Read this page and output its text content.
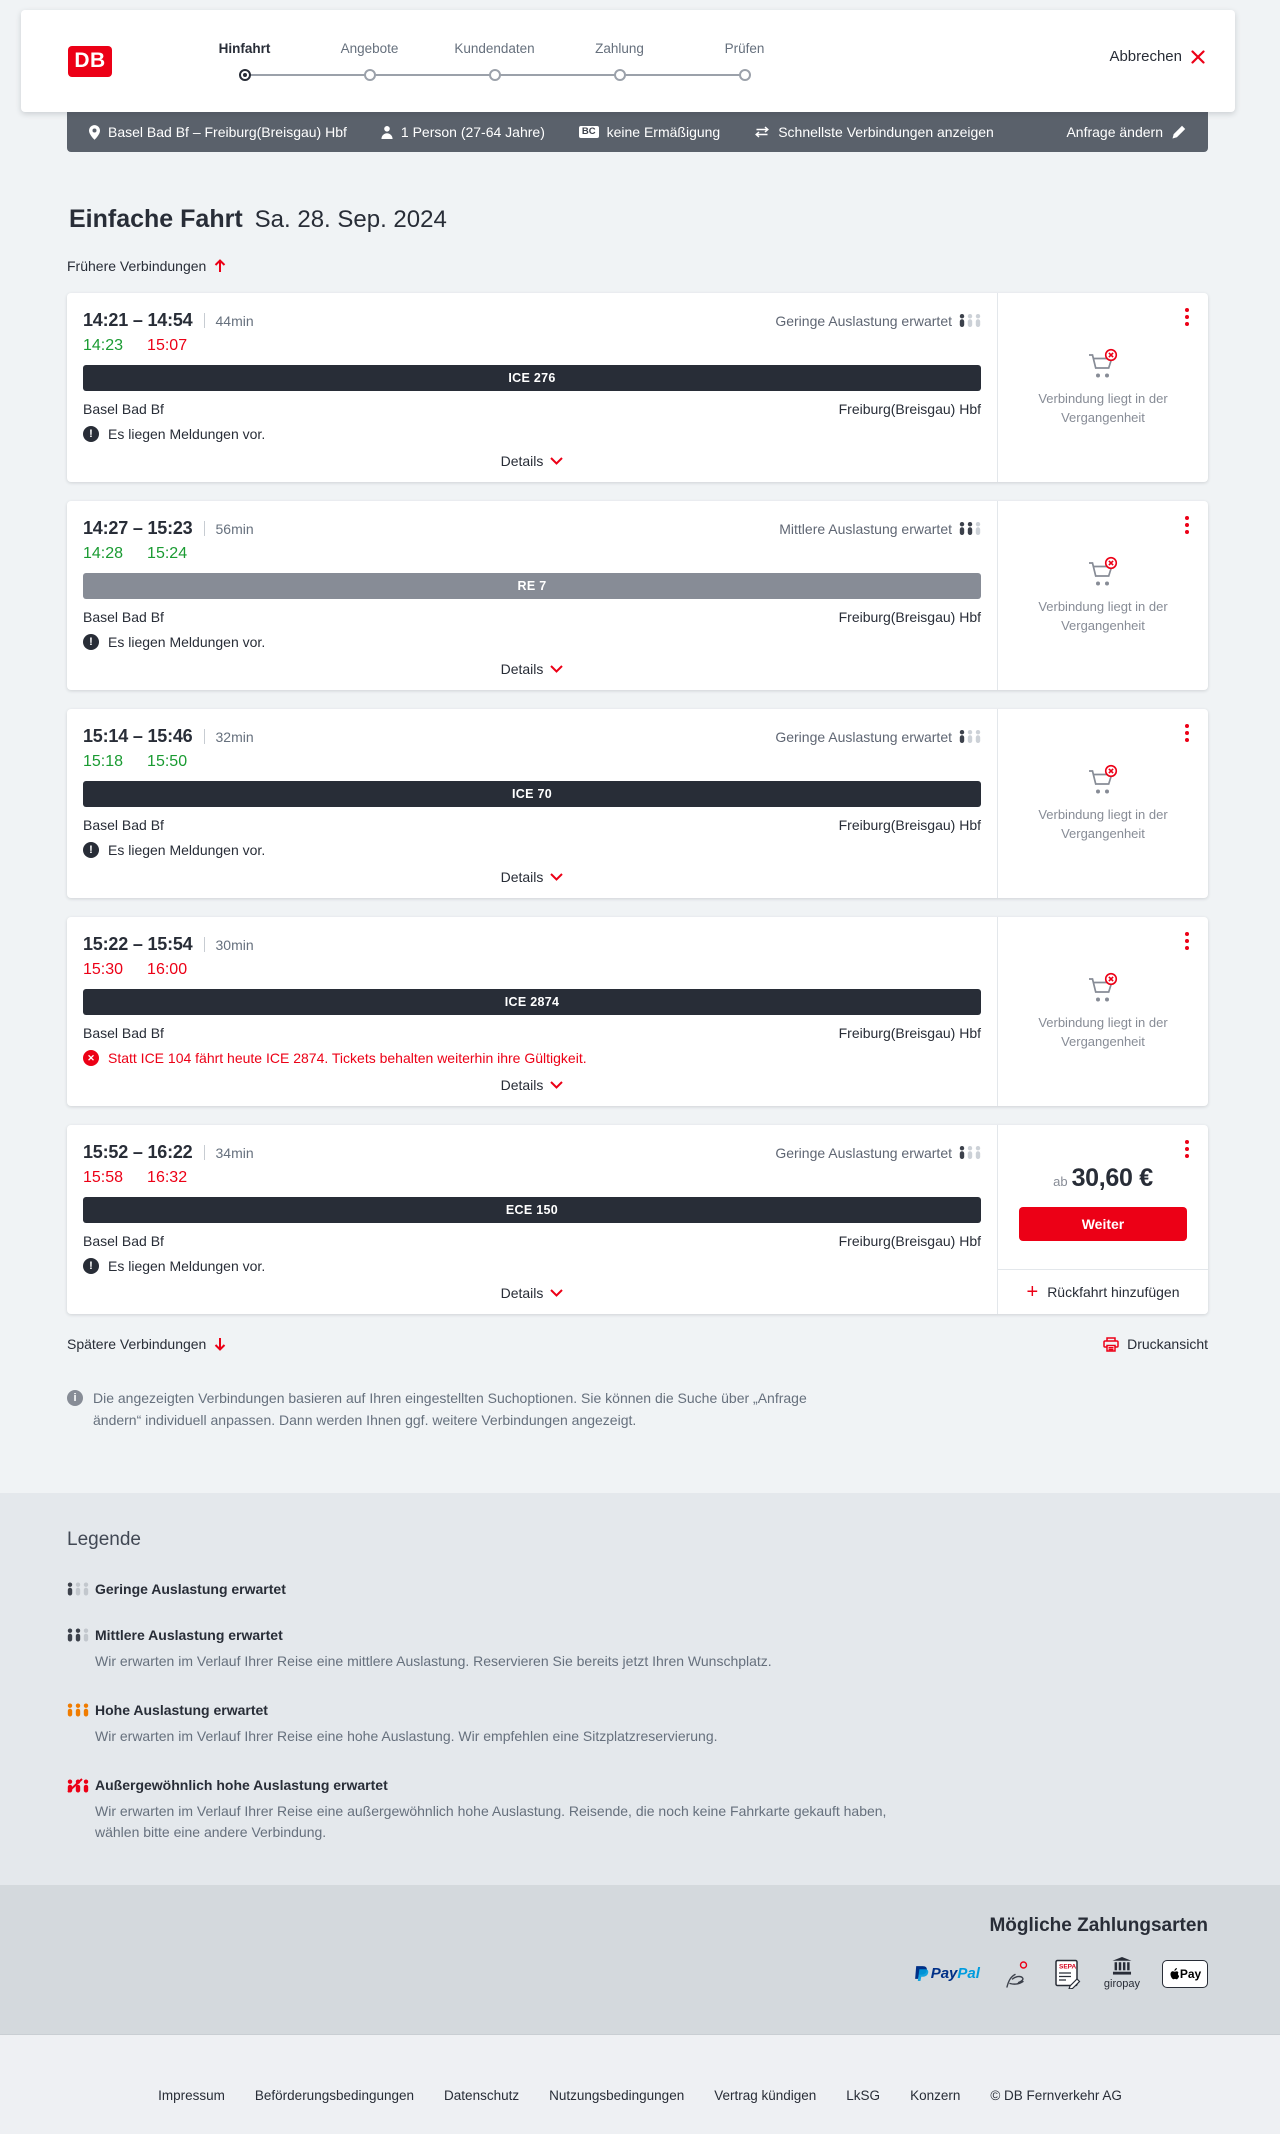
DB
Hinfahrt	Angebote	Kundendaten	Zahlung	Prüfen	Abbrechen
Basel Bad Bf – Freiburg(Breisgau) Hbf	1 Person (27-64 Jahre)	BC keine Ermäßigung	Schnellste Verbindungen anzeigen	Anfrage ändern
Einfache Fahrt Sa. 28. Sep. 2024
Frühere Verbindungen
14:21 – 14:54 44min	Geringe Auslastung erwartet
14:23 15:07
ICE 276
Basel Bad Bf	Freiburg(Breisgau) Hbf
!	Es liegen Meldungen vor.
Details

Verbindung liegt in der Vergangenheit

14:27 – 15:23 56min	Mittlere Auslastung erwartet
14:28 15:24
RE 7
Basel Bad Bf	Freiburg(Breisgau) Hbf
!	Es liegen Meldungen vor.
Details

Verbindung liegt in der Vergangenheit

15:14 – 15:46 32min	Geringe Auslastung erwartet
15:18 15:50
ICE 70
Basel Bad Bf	Freiburg(Breisgau) Hbf
!	Es liegen Meldungen vor.
Details

Verbindung liegt in der Vergangenheit

15:22 – 15:54 30min
15:30 16:00
ICE 2874
Basel Bad Bf	Freiburg(Breisgau) Hbf
✕ Statt ICE 104 fährt heute ICE 2874. Tickets behalten weiterhin ihre Gültigkeit.
Details

Verbindung liegt in der Vergangenheit

15:52 – 16:22 34min	Geringe Auslastung erwartet
15:58 16:32
ECE 150
Basel Bad Bf	Freiburg(Breisgau) Hbf
!	Es liegen Meldungen vor.
Details
ab 30,60 €
Weiter
+ Rückfahrt hinzufügen
Spätere Verbindungen	Druckansicht
i	Die angezeigten Verbindungen basieren auf Ihren eingestellten Suchoptionen. Sie können die Suche über „Anfrage ändern“ individuell anpassen. Dann werden Ihnen ggf. weitere Verbindungen angezeigt.

Legende
Geringe Auslastung erwartet
Mittlere Auslastung erwartet

Wir erwarten im Verlauf Ihrer Reise eine mittlere Auslastung. Reservieren Sie bereits jetzt Ihren Wunschplatz.

Hohe Auslastung erwartet

Wir erwarten im Verlauf Ihrer Reise eine hohe Auslastung. Wir empfehlen eine Sitzplatzreservierung.

Außergewöhnlich hohe Auslastung erwartet

Wir erwarten im Verlauf Ihrer Reise eine außergewöhnlich hohe Auslastung. Reisende, die noch keine Fahrkarte gekauft haben, wählen bitte eine andere Verbindung.

Mögliche Zahlungsarten
Pay Pal	SEPA
giropay
Pay
Impressum Beförderungsbedingungen Datenschutz Nutzungsbedingungen Vertrag kündigen LkSG Konzern © DB Fernverkehr AG
